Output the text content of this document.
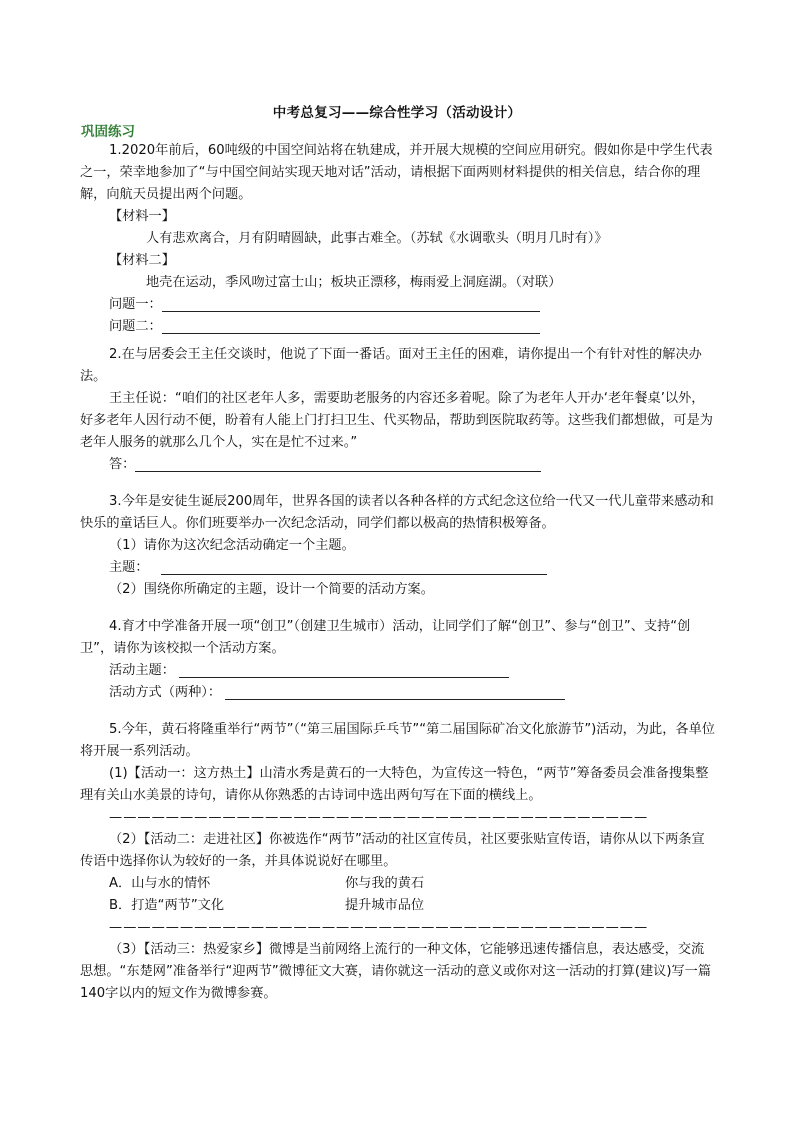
中考总复习——综合性学习（活动设计）
巩固练习

1.2020年前后，60吨级的中国空间站将在轨建成，并开展大规模的空间应用研究。假如你是中学生代表之一，荣幸地参加了“与中国空间站实现天地对话”活动，请根据下面两则材料提供的相关信息，结合你的理解，向航天员提出两个问题。

【材料一】

人有悲欢离合，月有阴晴圆缺，此事古难全。（苏轼《水调歌头（明月几时有）》

【材料二】

地壳在运动，季风吻过富士山；板块正漂移，梅雨爱上洞庭湖。（对联）

问题一：
问题二：

2.在与居委会王主任交谈时，他说了下面一番话。面对王主任的困难，请你提出一个有针对性的解决办法。

王主任说：“咱们的社区老年人多，需要助老服务的内容还多着呢。除了为老年人开办‘老年餐桌’以外，好多老年人因行动不便，盼着有人能上门打扫卫生、代买物品，帮助到医院取药等。这些我们都想做，可是为老年人服务的就那么几个人，实在是忙不过来。”

答：

3.今年是安徒生诞辰200周年，世界各国的读者以各种各样的方式纪念这位给一代又一代儿童带来感动和快乐的童话巨人。你们班要举办一次纪念活动，同学们都以极高的热情积极筹备。

（1）请你为这次纪念活动确定一个主题。

主题：

（2）围绕你所确定的主题，设计一个简要的活动方案。

4.育才中学准备开展一项“创卫”（创建卫生城市）活动，让同学们了解“创卫”、参与“创卫”、支持“创卫”，请你为该校拟一个活动方案。

活动主题：
活动方式（两种）：

5.今年，黄石将隆重举行“两节”（“第三届国际乒乓节”“第二届国际矿冶文化旅游节”)活动，为此，各单位将开展一系列活动。

(1)【活动一：这方热土】山清水秀是黄石的一大特色，为宣传这一特色，“两节”筹备委员会准备搜集整理有关山水美景的诗句，请你从你熟悉的古诗词中选出两句写在下面的横线上。

——————————————————————————————————————

（2）【活动二：走进社区】你被选作“两节”活动的社区宣传员，社区要张贴宣传语，请你从以下两条宣传语中选择你认为较好的一条，并具体说说好在哪里。

A．山与水的情怀	你与我的黄石
B．打造“两节”文化	提升城市品位
——————————————————————————————————————

（3）【活动三：热爱家乡】微博是当前网络上流行的一种文体，它能够迅速传播信息，表达感受，交流思想。“东楚网”准备举行“迎两节”微博征文大赛，请你就这一活动的意义或你对这一活动的打算(建议)写一篇140字以内的短文作为微博参赛。
